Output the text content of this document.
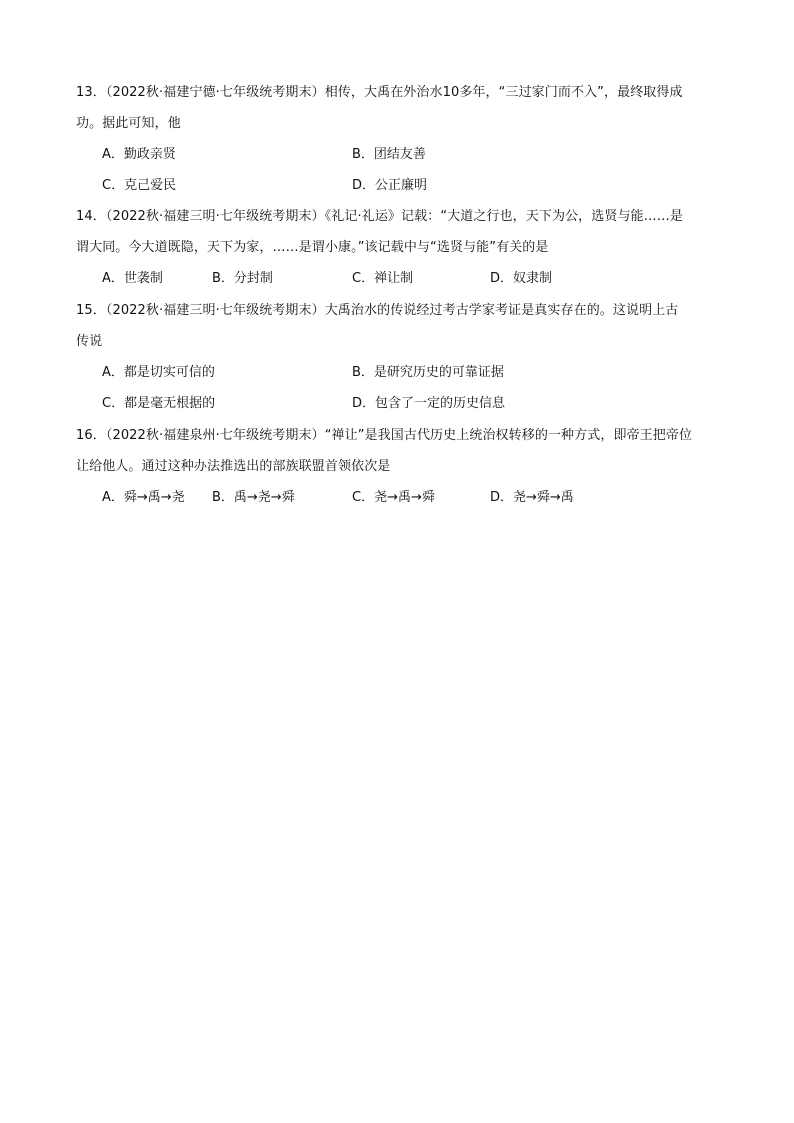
13．（2022秋·福建宁德·七年级统考期末）相传，大禹在外治水10多年，“三过家门而不入”，最终取得成
功。据此可知，他
A．勤政亲贤	B．团结友善
C．克己爱民	D．公正廉明
14．（2022秋·福建三明·七年级统考期末）《礼记·礼运》记载：“大道之行也，天下为公，选贤与能……是
谓大同。今大道既隐，天下为家，……是谓小康。”该记载中与“选贤与能”有关的是
A．世袭制	B．分封制	C．禅让制	D．奴隶制
15．（2022秋·福建三明·七年级统考期末）大禹治水的传说经过考古学家考证是真实存在的。这说明上古
传说
A．都是切实可信的	B．是研究历史的可靠证据
C．都是毫无根据的	D．包含了一定的历史信息
16．（2022秋·福建泉州·七年级统考期末）“禅让”是我国古代历史上统治权转移的一种方式，即帝王把帝位
让给他人。通过这种办法推选出的部族联盟首领依次是
A．舜→禹→尧 B．禹→尧→舜	C．尧→禹→舜	D．尧→舜→禹
